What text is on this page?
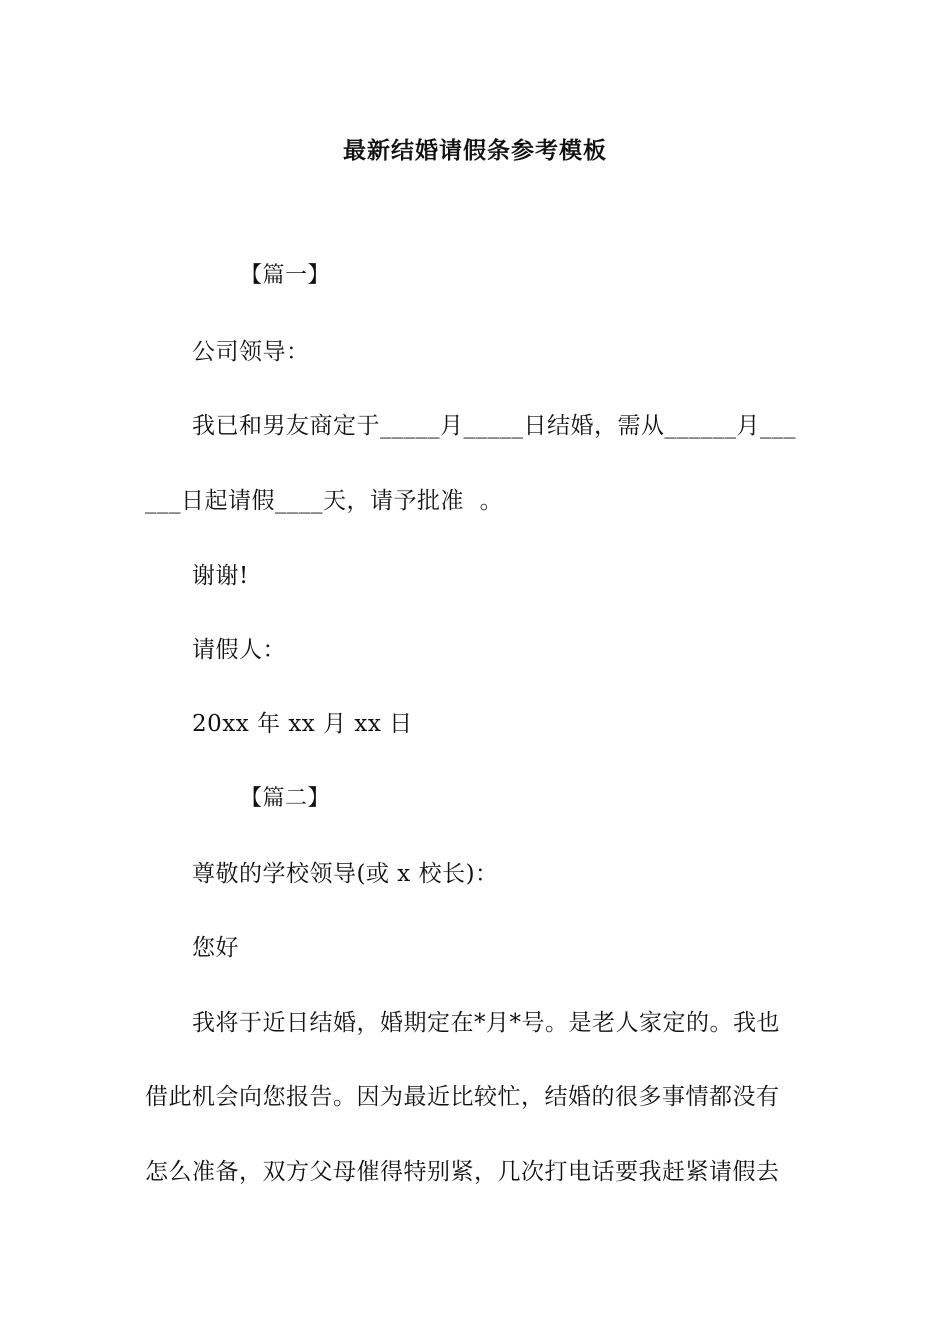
最新结婚请假条参考模板
【篇一】
公司领导：
我已和男友商定于_____月_____日结婚，需从______月___
___日起请假____天，请予批准  。
谢谢!
请假人：
20xx 年 xx 月 xx 日
【篇二】
尊敬的学校领导(或 x 校长)：
您好
我将于近日结婚，婚期定在*月*号。是老人家定的。我也
借此机会向您报告。因为最近比较忙，结婚的很多事情都没有
怎么准备，双方父母催得特别紧，几次打电话要我赶紧请假去
